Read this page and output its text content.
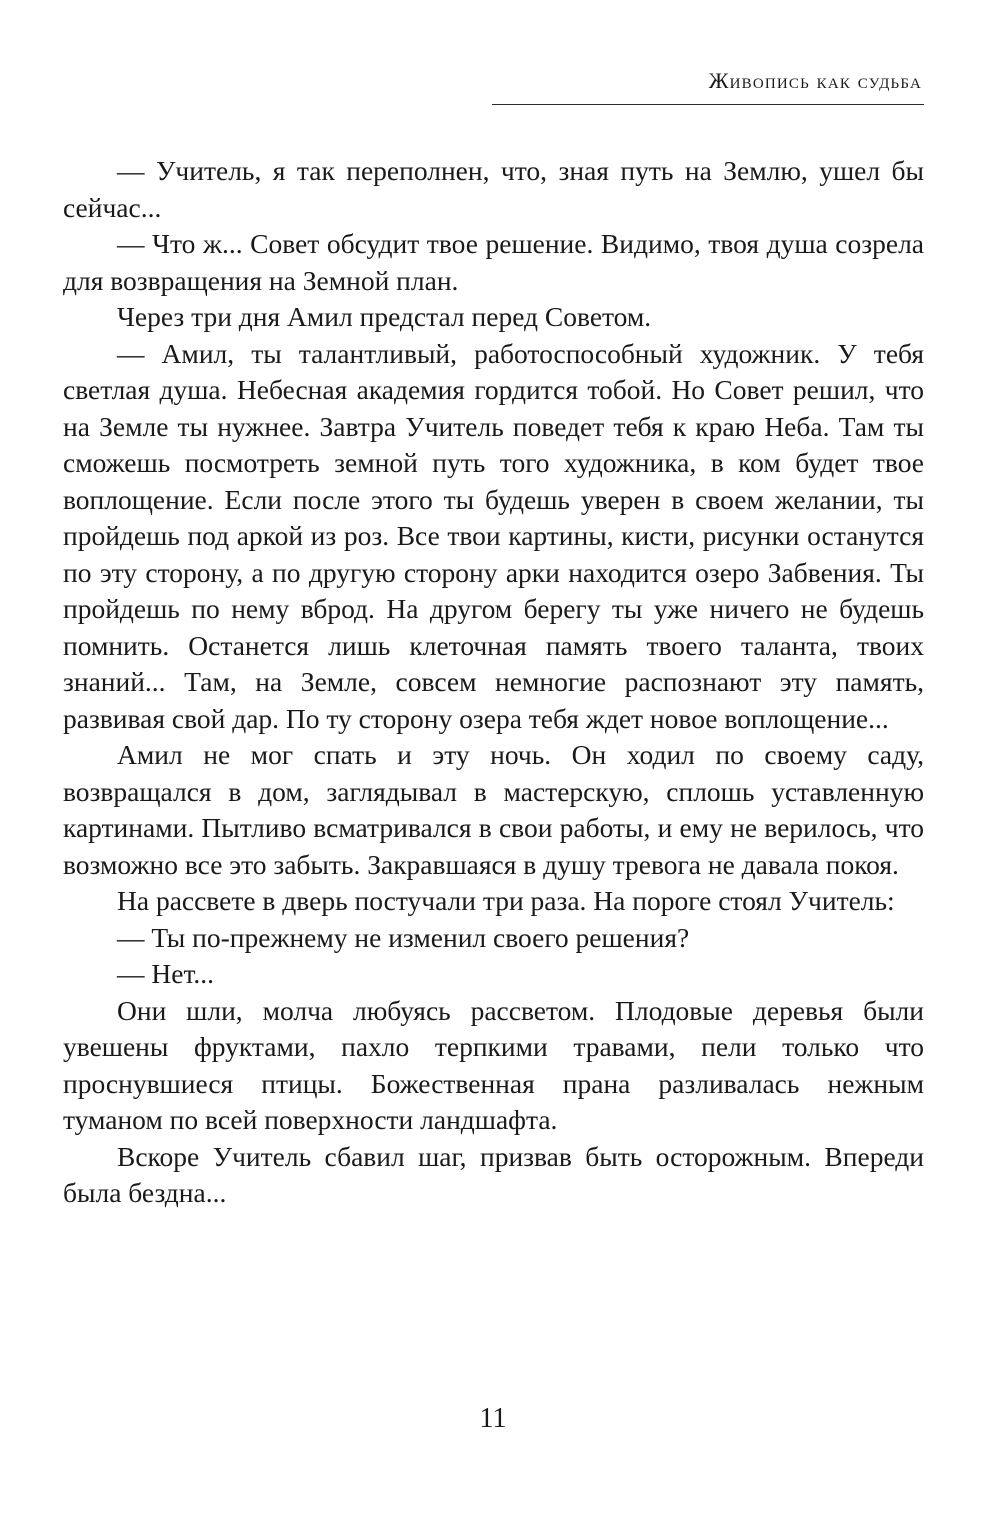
Живопись как судьба

— Учитель, я так переполнен, что, зная путь на Землю, ушел бы сейчас...

— Что ж... Совет обсудит твое решение. Видимо, твоя душа созрела для возвращения на Земной план.

Через три дня Амил предстал перед Советом.

— Амил, ты талантливый, работоспособный художник. У тебя светлая душа. Небесная академия гордится тобой. Но Совет решил, что на Земле ты нужнее. Завтра Учитель поведет тебя к краю Неба. Там ты сможешь посмотреть земной путь того художника, в ком будет твое воплощение. Если после этого ты будешь уверен в своем желании, ты пройдешь под аркой из роз. Все твои картины, кисти, рисунки останутся по эту сторону, а по другую сторону арки находится озеро Забвения. Ты пройдешь по нему вброд. На другом берегу ты уже ничего не будешь помнить. Останется лишь клеточная память твоего таланта, твоих знаний... Там, на Земле, совсем немногие распознают эту память, развивая свой дар. По ту сторону озера тебя ждет новое воплощение...

Амил не мог спать и эту ночь. Он ходил по своему саду, возвращался в дом, заглядывал в мастерскую, сплошь уставленную картинами. Пытливо всматривался в свои работы, и ему не верилось, что возможно все это забыть. Закравшаяся в душу тревога не давала покоя.

На рассвете в дверь постучали три раза. На пороге стоял Учитель:

— Ты по-прежнему не изменил своего решения?

— Нет...

Они шли, молча любуясь рассветом. Плодовые деревья были увешены фруктами, пахло терпкими травами, пели только что проснувшиеся птицы. Божественная прана разливалась нежным туманом по всей поверхности ландшафта.

Вскоре Учитель сбавил шаг, призвав быть осторожным. Впереди была бездна...

11
